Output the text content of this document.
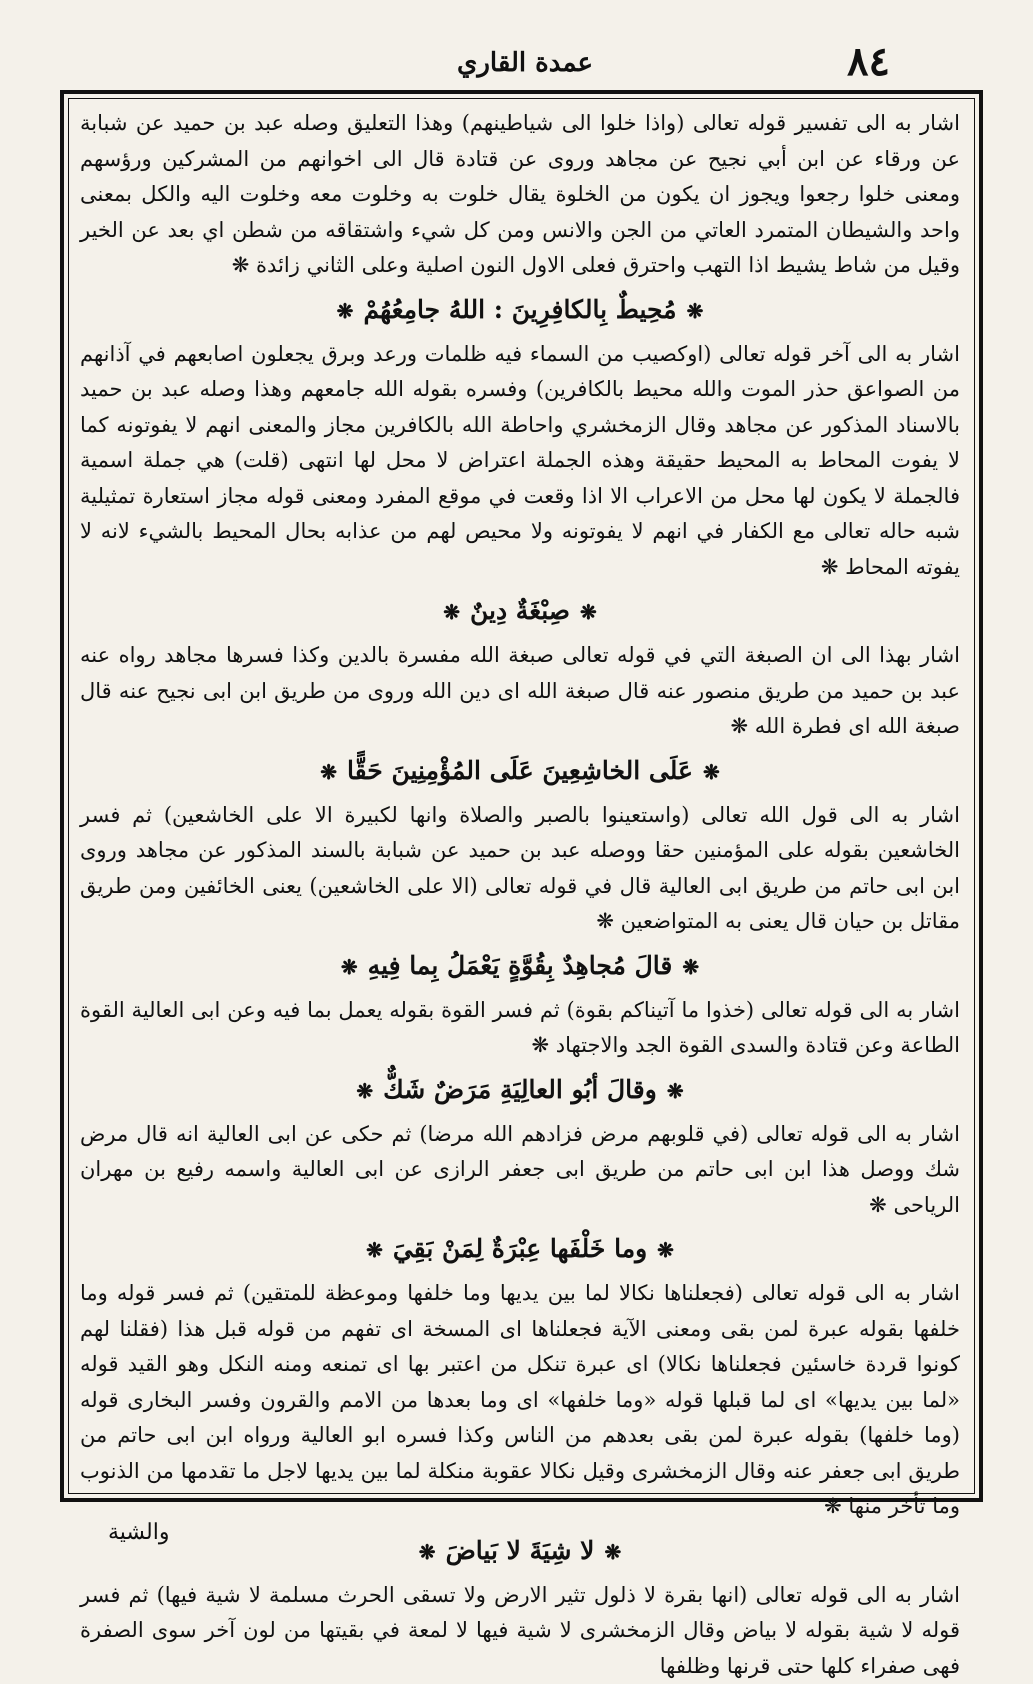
عمدة القاري	٨٤

اشار به الى تفسير قوله تعالى (واذا خلوا الى شياطينهم) وهذا التعليق وصله عبد بن حميد عن شبابة عن ورقاء عن ابن أبي نجيح عن مجاهد وروى عن قتادة قال الى اخوانهم من المشركين ورؤسهم ومعنى خلوا رجعوا ويجوز ان يكون من الخلوة يقال خلوت به وخلوت معه وخلوت اليه والكل بمعنى واحد والشيطان المتمرد العاتي من الجن والانس ومن كل شيء واشتقاقه من شطن اي بعد عن الخير وقيل من شاط يشيط اذا التهب واحترق فعلى الاول النون اصلية وعلى الثاني زائدة ❋

❋مُحِيطٌ بِالكافِرِينَ : اللهُ جامِعُهُمْ❋

اشار به الى آخر قوله تعالى (اوكصيب من السماء فيه ظلمات ورعد وبرق يجعلون اصابعهم في آذانهم من الصواعق حذر الموت والله محيط بالكافرين) وفسره بقوله الله جامعهم وهذا وصله عبد بن حميد بالاسناد المذكور عن مجاهد وقال الزمخشري واحاطة الله بالكافرين مجاز والمعنى انهم لا يفوتونه كما لا يفوت المحاط به المحيط حقيقة وهذه الجملة اعتراض لا محل لها انتهى (قلت) هي جملة اسمية فالجملة لا يكون لها محل من الاعراب الا اذا وقعت في موقع المفرد ومعنى قوله مجاز استعارة تمثيلية شبه حاله تعالى مع الكفار في انهم لا يفوتونه ولا محيص لهم من عذابه بحال المحيط بالشيء لانه لا يفوته المحاط ❋

❋صِبْغَةٌ دِينٌ❋

اشار بهذا الى ان الصبغة التي في قوله تعالى صبغة الله مفسرة بالدين وكذا فسرها مجاهد رواه عنه عبد بن حميد من طريق منصور عنه قال صبغة الله اى دين الله وروى من طريق ابن ابى نجيح عنه قال صبغة الله اى فطرة الله ❋

❋عَلَى الخاشِعِينَ عَلَى المُؤْمِنِينَ حَقًّا❋

اشار به الى قول الله تعالى (واستعينوا بالصبر والصلاة وانها لكبيرة الا على الخاشعين) ثم فسر الخاشعين بقوله على المؤمنين حقا ووصله عبد بن حميد عن شبابة بالسند المذكور عن مجاهد وروى ابن ابى حاتم من طريق ابى العالية قال في قوله تعالى (الا على الخاشعين) يعنى الخائفين ومن طريق مقاتل بن حيان قال يعنى به المتواضعين ❋

❋قالَ مُجاهِدٌ بِقُوَّةٍ يَعْمَلُ بِما فِيهِ❋

اشار به الى قوله تعالى (خذوا ما آتيناكم بقوة) ثم فسر القوة بقوله يعمل بما فيه وعن ابى العالية القوة الطاعة وعن قتادة والسدى القوة الجد والاجتهاد ❋

❋وقالَ أبُو العالِيَةِ مَرَضٌ شَكٌّ❋

اشار به الى قوله تعالى (في قلوبهم مرض فزادهم الله مرضا) ثم حكى عن ابى العالية انه قال مرض شك ووصل هذا ابن ابى حاتم من طريق ابى جعفر الرازى عن ابى العالية واسمه رفيع بن مهران الرياحى ❋

❋وما خَلْفَها عِبْرَةٌ لِمَنْ بَقِيَ❋

اشار به الى قوله تعالى (فجعلناها نكالا لما بين يديها وما خلفها وموعظة للمتقين) ثم فسر قوله وما خلفها بقوله عبرة لمن بقى ومعنى الآية فجعلناها اى المسخة اى تفهم من قوله قبل هذا (فقلنا لهم كونوا قردة خاسئين فجعلناها نكالا) اى عبرة تنكل من اعتبر بها اى تمنعه ومنه النكل وهو القيد قوله «لما بين يديها» اى لما قبلها قوله «وما خلفها» اى وما بعدها من الامم والقرون وفسر البخارى قوله (وما خلفها) بقوله عبرة لمن بقى بعدهم من الناس وكذا فسره ابو العالية ورواه ابن ابى حاتم من طريق ابى جعفر عنه وقال الزمخشرى وقيل نكالا عقوبة منكلة لما بين يديها لاجل ما تقدمها من الذنوب وما تأخر منها ❋

❋لا شِيَةَ لا بَياضَ❋

اشار به الى قوله تعالى (انها بقرة لا ذلول تثير الارض ولا تسقى الحرث مسلمة لا شية فيها) ثم فسر قوله لا شية بقوله لا بياض وقال الزمخشرى لا شية فيها لا لمعة في بقيتها من لون آخر سوى الصفرة فهى صفراء كلها حتى قرنها وظلفها

والشية
